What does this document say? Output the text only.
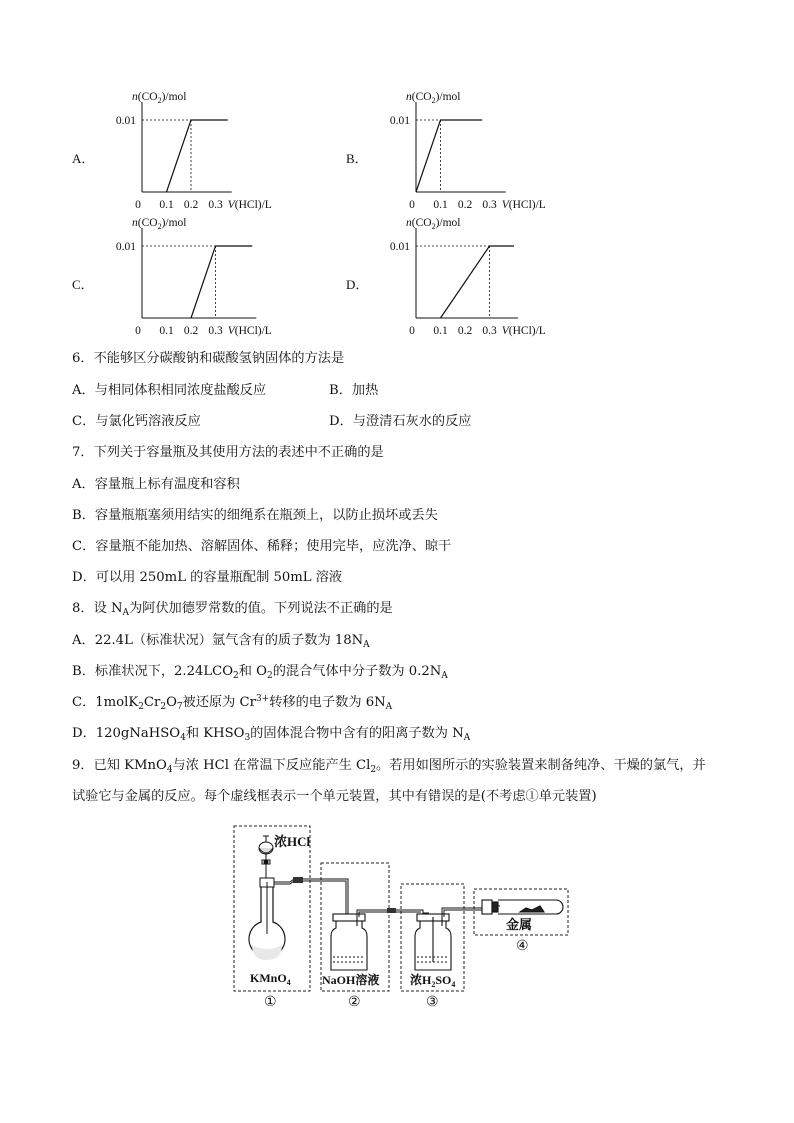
A．
$n(CO_2)$/mol
0.01
0 0.1 0.2 0.3 V(HCl)/L
B．
$n(CO_2)$/mol
0.01
0 0.1 0.2 0.3 V(HCl)/L
C．
$n(CO_2)$/mol
0.01
0 0.1 0.2 0.3 V(HCl)/L
D．
$n(CO_2)$/mol
0.01
0 0.1 0.2 0.3 V(HCl)/L
6．不能够区分碳酸钠和碳酸氢钠固体的方法是
A．与相同体积相同浓度盐酸反应	B．加热
C．与氯化钙溶液反应	D．与澄清石灰水的反应
7．下列关于容量瓶及其使用方法的表述中不正确的是
A．容量瓶上标有温度和容积
B．容量瓶瓶塞须用结实的细绳系在瓶颈上，以防止损坏或丢失
C．容量瓶不能加热、溶解固体、稀释；使用完毕，应洗净、晾干
D．可以用 250mL 的容量瓶配制 50mL 溶液
8．设 $N_A$为阿伏加德罗常数的值。下列说法不正确的是
A．22.4L（标准状况）氩气含有的质子数为 $18N_A$
B．标准状况下，$2.24LCO_2$和 $O_2$的混合气体中分子数为 $0.2N_A$
C．$1molK_2Cr_2O_7$被还原为 $Cr^{3+}$转移的电子数为 $6N_A$
D．120gNaHSO$_4$和 $KHSO_3$的固体混合物中含有的阳离子数为 $N_A$
9．已知 KMnO$_4$与浓 HCl 在常温下反应能产生 $Cl_2$。若用如图所示的实验装置来制备纯净、干燥的氯气，并
试验它与金属的反应。每个虚线框表示一个单元装置，其中有错误的是(不考虑①单元装置)
浓HCl
KMnO$_4$	NaOH溶液	浓$H_2SO_4$
金属
①	②	③
④
